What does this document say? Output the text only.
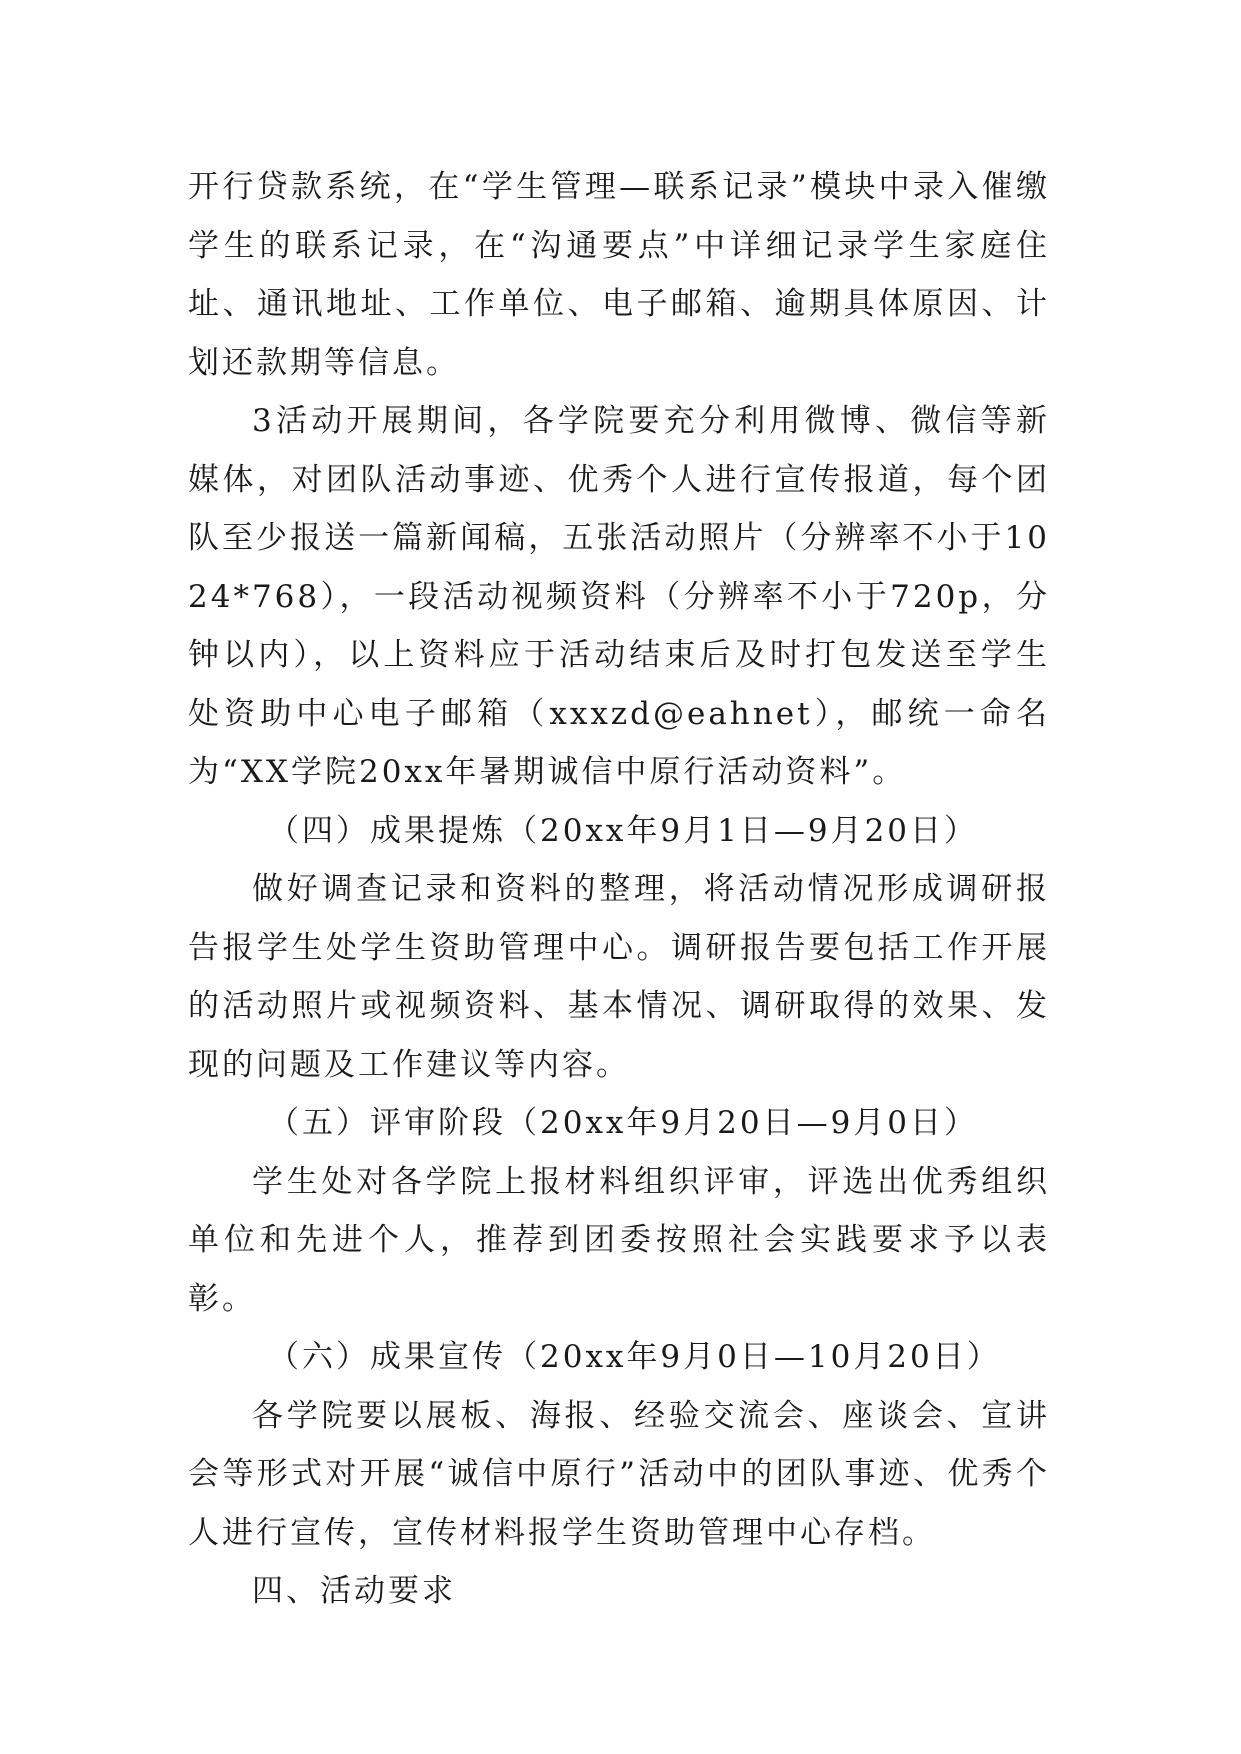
开行贷款系统，在“学生管理—联系记录”模块中录入催缴学生的联系记录，在“沟通要点”中详细记录学生家庭住址、通讯地址、工作单位、电子邮箱、逾期具体原因、计划还款期等信息。

3活动开展期间，各学院要充分利用微博、微信等新媒体，对团队活动事迹、优秀个人进行宣传报道，每个团队至少报送一篇新闻稿，五张活动照片（分辨率不小于1024*768），一段活动视频资料（分辨率不小于720p，分钟以内），以上资料应于活动结束后及时打包发送至学生处资助中心电子邮箱（xxxzd@eahnet），邮统一命名为“XX学院20xx年暑期诚信中原行活动资料”。

（四）成果提炼（20xx年9月1日—9月20日）

做好调查记录和资料的整理，将活动情况形成调研报告报学生处学生资助管理中心。调研报告要包括工作开展的活动照片或视频资料、基本情况、调研取得的效果、发现的问题及工作建议等内容。

（五）评审阶段（20xx年9月20日—9月0日）

学生处对各学院上报材料组织评审，评选出优秀组织单位和先进个人，推荐到团委按照社会实践要求予以表彰。

（六）成果宣传（20xx年9月0日—10月20日）

各学院要以展板、海报、经验交流会、座谈会、宣讲会等形式对开展“诚信中原行”活动中的团队事迹、优秀个人进行宣传，宣传材料报学生资助管理中心存档。

四、活动要求
